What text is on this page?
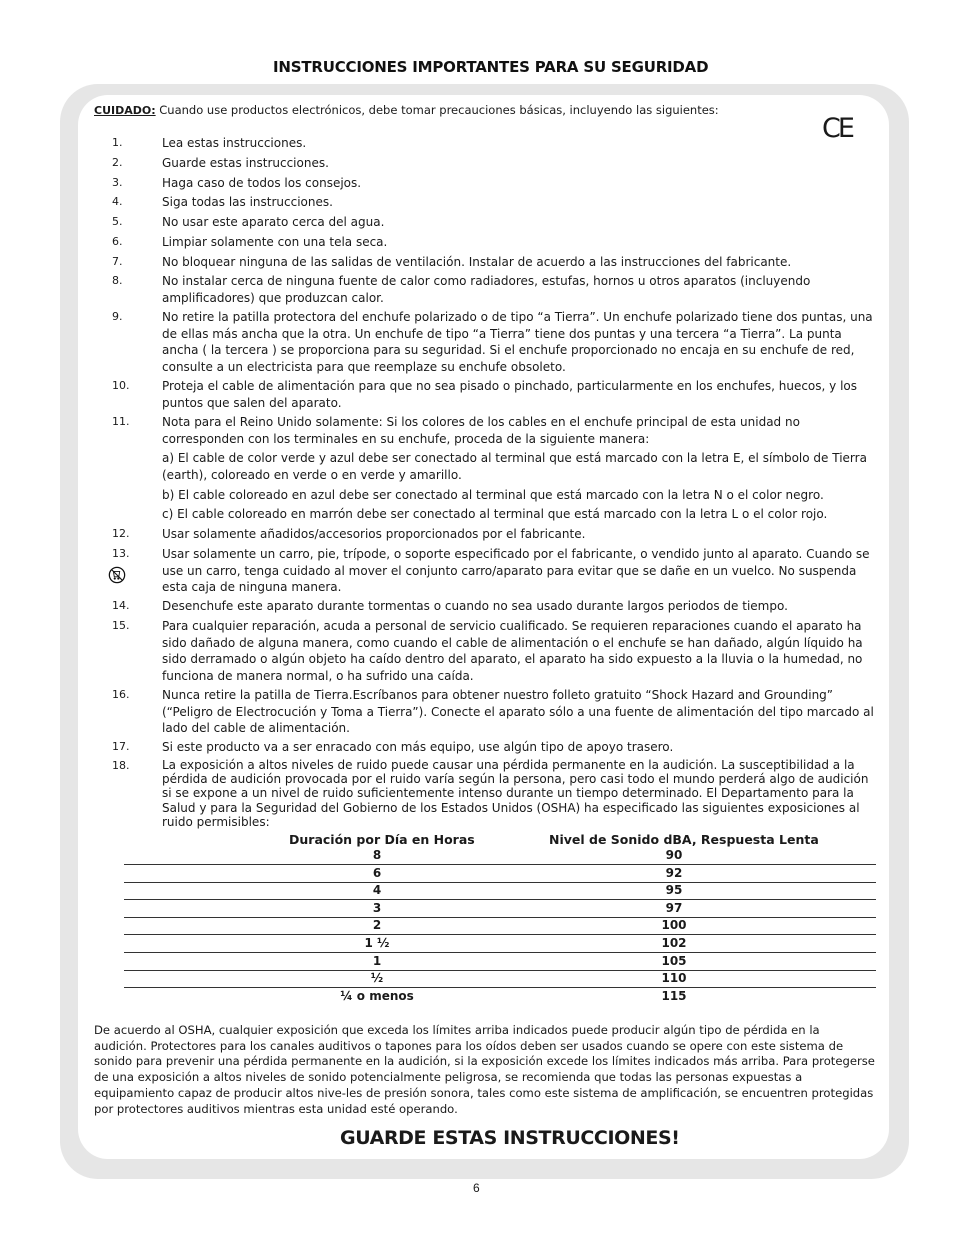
INSTRUCCIONES IMPORTANTES PARA SU SEGURIDAD
CUIDADO: Cuando use productos electrónicos, debe tomar precauciones básicas, incluyendo las siguientes:
CE
1.	Lea estas instrucciones.
2.	Guarde estas instrucciones.
3.	Haga caso de todos los consejos.
4.	Siga todas las instrucciones.
5.	No usar este aparato cerca del agua.
6.	Limpiar solamente con una tela seca.
7.	No bloquear ninguna de las salidas de ventilación. Instalar de acuerdo a las instrucciones del fabricante.
8.	No instalar cerca de ninguna fuente de calor como radiadores, estufas, hornos u otros aparatos (incluyendo amplificadores) que produzcan calor.
9.	No retire la patilla protectora del enchufe polarizado o de tipo “a Tierra”. Un enchufe polarizado tiene dos puntas, una de ellas más ancha que la otra. Un enchufe de tipo “a Tierra” tiene dos puntas y una tercera “a Tierra”. La punta ancha ( la tercera ) se proporciona para su seguridad. Si el enchufe proporcionado no encaja en su enchufe de red, consulte a un electricista para que reemplaze su enchufe obsoleto.
10.	Proteja el cable de alimentación para que no sea pisado o pinchado, particularmente en los enchufes, huecos, y los puntos que salen del aparato.
11.	Nota para el Reino Unido solamente: Si los colores de los cables en el enchufe principal de esta unidad no corresponden con los terminales en su enchufe, proceda de la siguiente manera:
a) El cable de color verde y azul debe ser conectado al terminal que está marcado con la letra E, el símbolo de Tierra (earth), coloreado en verde o en verde y amarillo.
b) El cable coloreado en azul debe ser conectado al terminal que está marcado con la letra N o el color negro.
c) El cable coloreado en marrón debe ser conectado al terminal que está marcado con la letra L o el color rojo.
12.	Usar solamente añadidos/accesorios proporcionados por el fabricante.
13.	Usar solamente un carro, pie, trípode, o soporte especificado por el fabricante, o vendido junto al aparato. Cuando se use un carro, tenga cuidado al mover el conjunto carro/aparato para evitar que se dañe en un vuelco. No suspenda esta caja de ninguna manera.
14.	Desenchufe este aparato durante tormentas o cuando no sea usado durante largos periodos de tiempo.
15.	Para cualquier reparación, acuda a personal de servicio cualificado. Se requieren reparaciones cuando el aparato ha sido dañado de alguna manera, como cuando el cable de alimentación o el enchufe se han dañado, algún líquido ha sido derramado o algún objeto ha caído dentro del aparato, el aparato ha sido expuesto a la lluvia o la humedad, no funciona de manera normal, o ha sufrido una caída.
16.	Nunca retire la patilla de Tierra.Escríbanos para obtener nuestro folleto gratuito “Shock Hazard and Grounding” (“Peligro de Electrocución y Toma a Tierra”). Conecte el aparato sólo a una fuente de alimentación del tipo marcado al lado del cable de alimentación.
17.	Si este producto va a ser enracado con más equipo, use algún tipo de apoyo trasero.
18.	La exposición a altos niveles de ruido puede causar una pérdida permanente en la audición. La susceptibilidad a la pérdida de audición provocada por el ruido varía según la persona, pero casi todo el mundo perderá algo de audición si se expone a un nivel de ruido suficientemente intenso durante un tiempo determinado. El Departamento para la Salud y para la Seguridad del Gobierno de los Estados Unidos (OSHA) ha especificado las siguientes exposiciones al ruido permisibles:
Duración por Día en Horas	Nivel de Sonido dBA, Respuesta Lenta
8	90
6	92
4	95
3	97
2	100
1 ½	102
1	105
½	110
¼ o menos	115
De acuerdo al OSHA, cualquier exposición que exceda los límites arriba indicados puede producir algún tipo de pérdida en la audición. Protectores para los canales auditivos o tapones para los oídos deben ser usados cuando se opere con este sistema de sonido para prevenir una pérdida permanente en la audición, si la exposición excede los límites indicados más arriba. Para protegerse de una exposición a altos niveles de sonido potencialmente peligrosa, se recomienda que todas las personas expuestas a equipamiento capaz de producir altos nive-les de presión sonora, tales como este sistema de amplificación, se encuentren protegidas por protectores auditivos mientras esta unidad esté operando.
GUARDE ESTAS INSTRUCCIONES!
6
